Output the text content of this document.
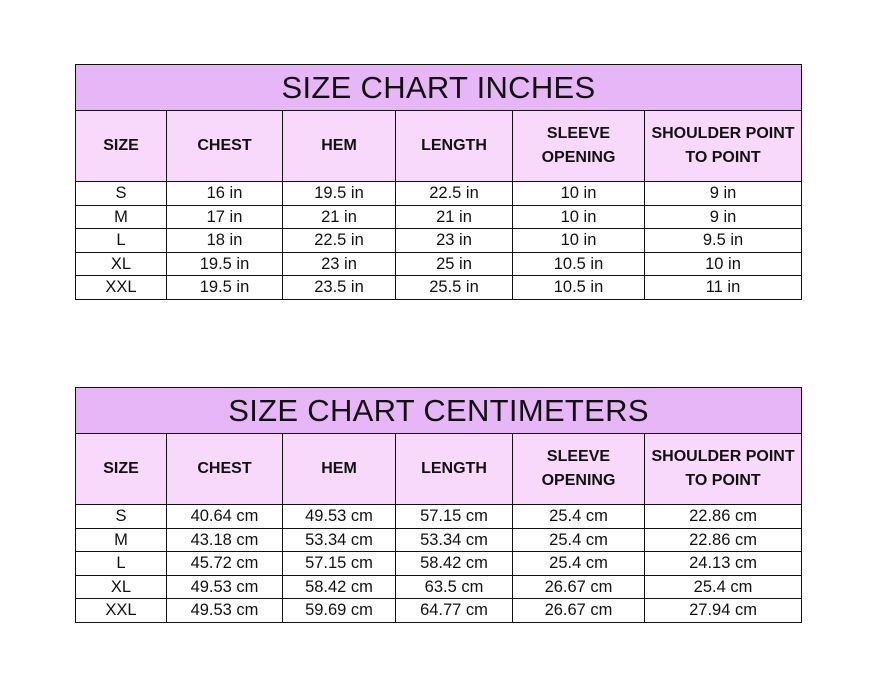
SIZE CHART INCHES					
SIZE	CHEST	HEM	LENGTH	SLEEVE OPENING	SHOULDER POINT TO POINT
S	16 in	19.5 in	22.5 in	10 in	9 in
M	17 in	21 in	21 in	10 in	9 in
L	18 in	22.5 in	23 in	10 in	9.5 in
XL	19.5 in	23 in	25 in	10.5 in	10 in
XXL	19.5 in	23.5 in	25.5 in	10.5 in	11 in
SIZE CHART CENTIMETERS					
SIZE	CHEST	HEM	LENGTH	SLEEVE OPENING	SHOULDER POINT TO POINT
S	40.64 cm	49.53 cm	57.15 cm	25.4 cm	22.86 cm
M	43.18 cm	53.34 cm	53.34 cm	25.4 cm	22.86 cm
L	45.72 cm	57.15 cm	58.42 cm	25.4 cm	24.13 cm
XL	49.53 cm	58.42 cm	63.5 cm	26.67 cm	25.4 cm
XXL	49.53 cm	59.69 cm	64.77 cm	26.67 cm	27.94 cm
